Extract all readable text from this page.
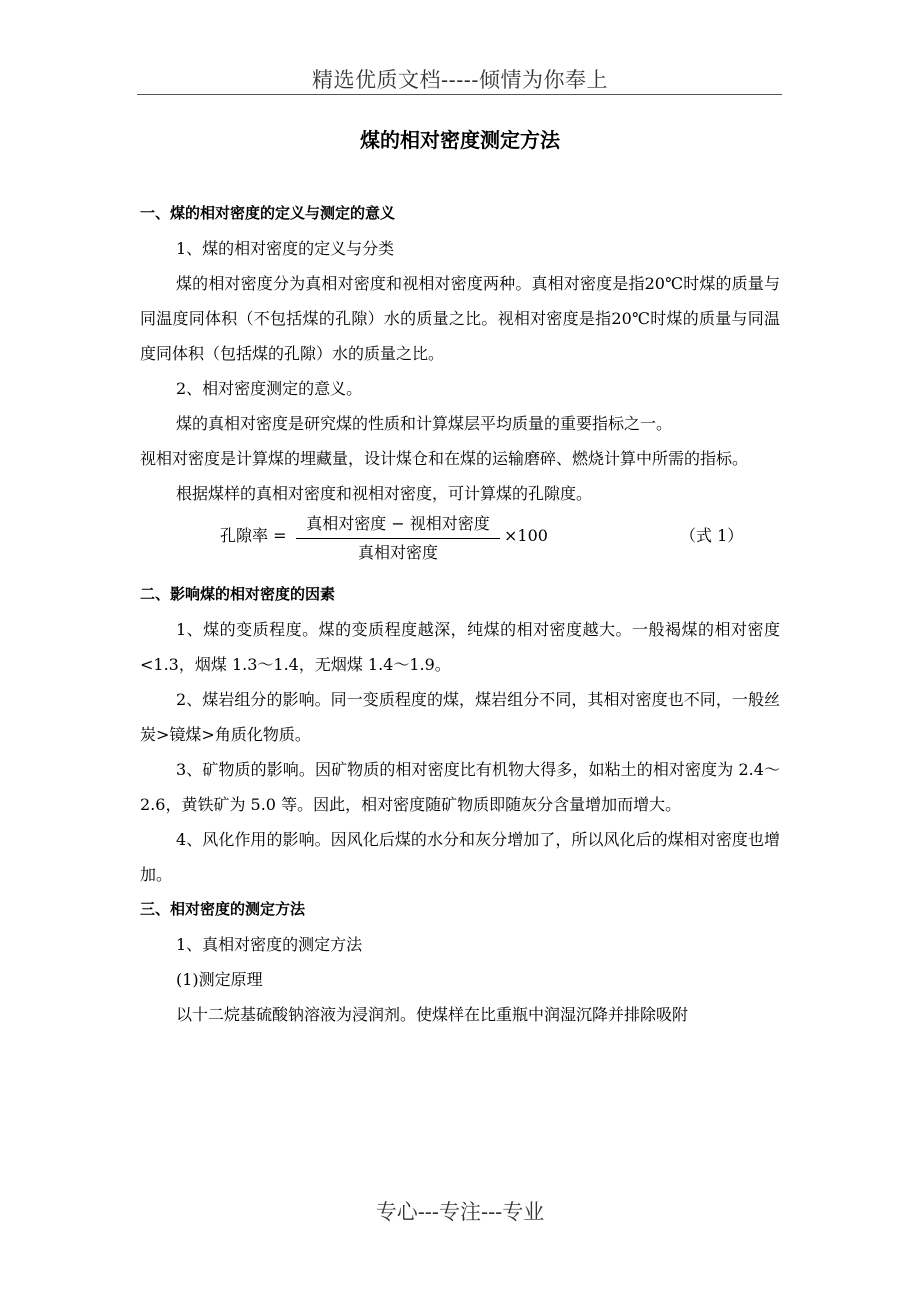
精选优质文档-----倾情为你奉上
煤的相对密度测定方法

一、煤的相对密度的定义与测定的意义

1、煤的相对密度的定义与分类

煤的相对密度分为真相对密度和视相对密度两种。真相对密度是指20℃时煤的质量与同温度同体积（不包括煤的孔隙）水的质量之比。视相对密度是指20℃时煤的质量与同温度同体积（包括煤的孔隙）水的质量之比。

2、相对密度测定的意义。

煤的真相对密度是研究煤的性质和计算煤层平均质量的重要指标之一。

视相对密度是计算煤的埋藏量，设计煤仓和在煤的运输磨碎、燃烧计算中所需的指标。

根据煤样的真相对密度和视相对密度，可计算煤的孔隙度。

孔隙率 =
真相对密度 − 视相对密度
真相对密度
×100	（式 1）

二、影响煤的相对密度的因素

1、煤的变质程度。煤的变质程度越深，纯煤的相对密度越大。一般褐煤的相对密度<1.3，烟煤 1.3～1.4，无烟煤 1.4～1.9。

2、煤岩组分的影响。同一变质程度的煤，煤岩组分不同，其相对密度也不同，一般丝炭>镜煤>角质化物质。

3、矿物质的影响。因矿物质的相对密度比有机物大得多，如粘土的相对密度为 2.4～2.6，黄铁矿为 5.0 等。因此，相对密度随矿物质即随灰分含量增加而增大。

4、风化作用的影响。因风化后煤的水分和灰分增加了，所以风化后的煤相对密度也增加。

三、相对密度的测定方法

1、真相对密度的测定方法

(1)测定原理

以十二烷基硫酸钠溶液为浸润剂。使煤样在比重瓶中润湿沉降并排除吸附

专心---专注---专业
